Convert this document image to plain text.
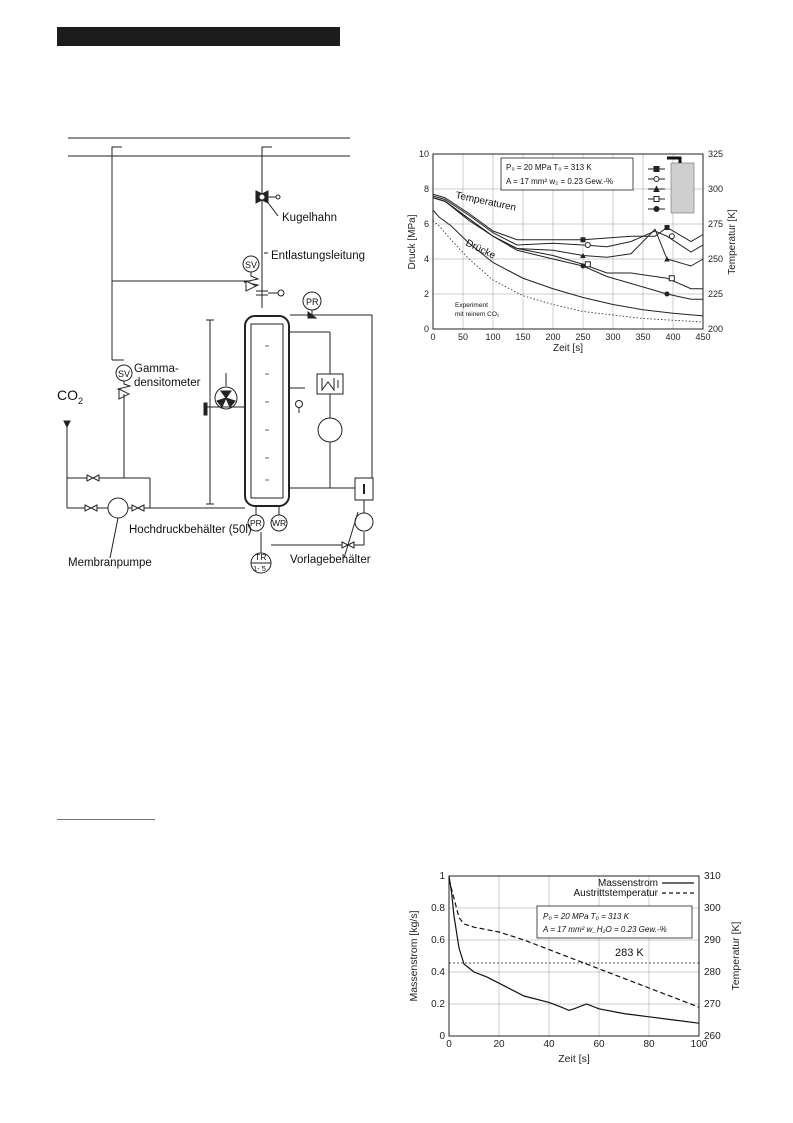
Kugelhahn
Entlastungsleitung
SV
PR
Gamma-
densitometer
SV
$CO_2$
PR WR
Hochdruckbehälter (50l)
TR
1- 5
Vorlagebehälter
Membranpumpe
0 50 100 150 200 250 300 350 400 450
0
2
4
6
8
10
200
225
250
275
300
325
Zeit [s]
Druck [MPa]	Temperatur [K]
P₀ = 20 MPa T₀ = 313 K
A = 17 mm² w₂ = 0.23 Gew.-%
Temperaturen
Drücke
Experiment
mit reinem CO₂
0	20	40	60	80	100
0
0.2
0.4
0.6
0.8
1
260
270
280
290
300
310
Zeit [s]
Massenstrom [kg/s]	Temperatur [K]
Massenstrom
Austrittstemperatur
P₀ = 20 MPa T₀ = 313 K
A = 17 mm² w_H₂O = 0.23 Gew.-%
283 K
